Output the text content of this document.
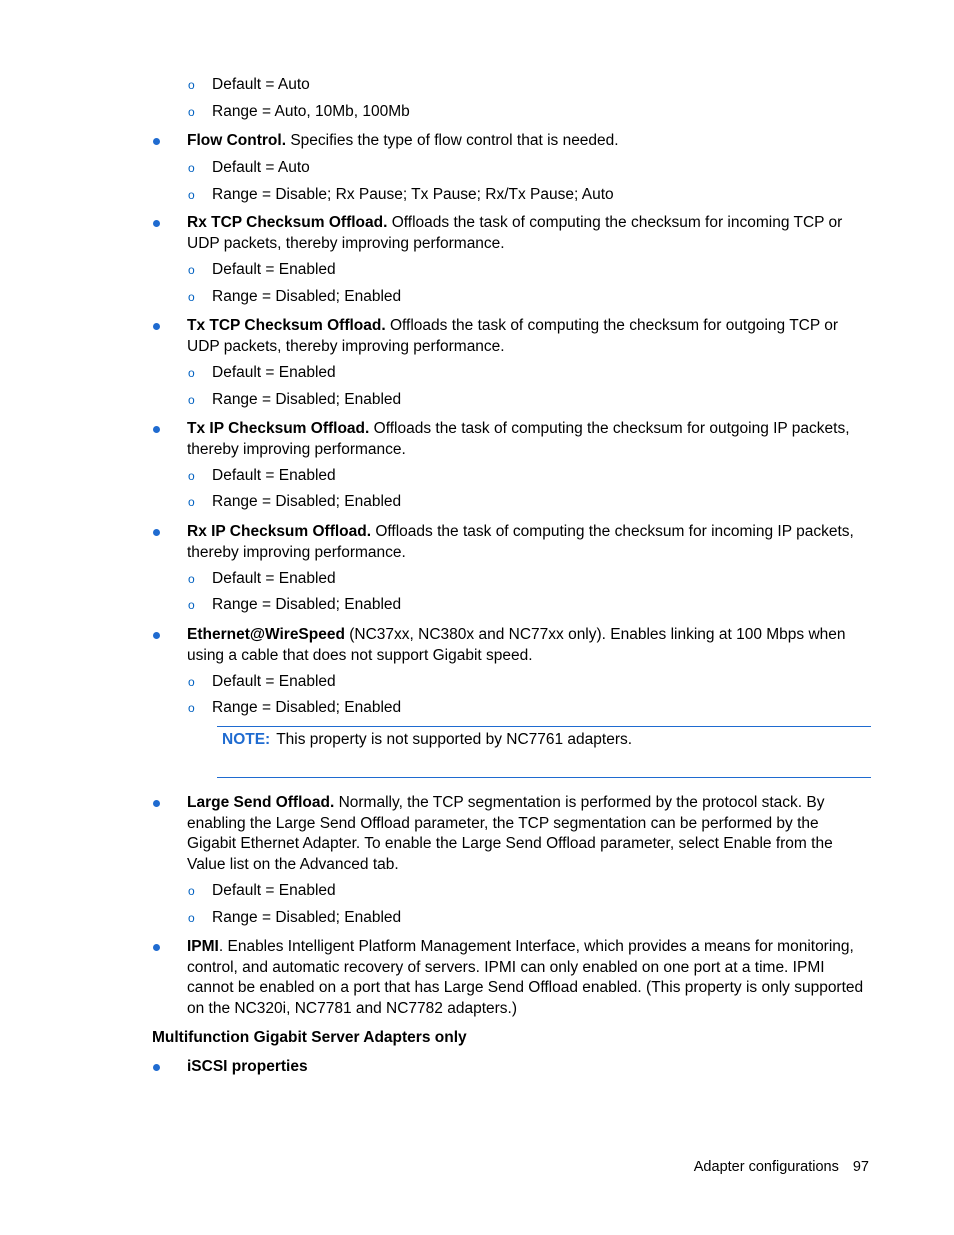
o Default = Auto
o Range = Auto, 10Mb, 100Mb
Flow Control. Specifies the type of flow control that is needed.
o Default = Auto
o Range = Disable; Rx Pause; Tx Pause; Rx/Tx Pause; Auto
Rx TCP Checksum Offload. Offloads the task of computing the checksum for incoming TCP or UDP packets, thereby improving performance.
o Default = Enabled
o Range = Disabled; Enabled
Tx TCP Checksum Offload. Offloads the task of computing the checksum for outgoing TCP or UDP packets, thereby improving performance.
o Default = Enabled
o Range = Disabled; Enabled
Tx IP Checksum Offload. Offloads the task of computing the checksum for outgoing IP packets, thereby improving performance.
o Default = Enabled
o Range = Disabled; Enabled
Rx IP Checksum Offload. Offloads the task of computing the checksum for incoming IP packets, thereby improving performance.
o Default = Enabled
o Range = Disabled; Enabled
Ethernet@WireSpeed (NC37xx, NC380x and NC77xx only). Enables linking at 100 Mbps when using a cable that does not support Gigabit speed.
o Default = Enabled
o Range = Disabled; Enabled
NOTE: This property is not supported by NC7761 adapters.
Large Send Offload. Normally, the TCP segmentation is performed by the protocol stack. By enabling the Large Send Offload parameter, the TCP segmentation can be performed by the Gigabit Ethernet Adapter. To enable the Large Send Offload parameter, select Enable from the Value list on the Advanced tab.
o Default = Enabled
o Range = Disabled; Enabled
IPMI. Enables Intelligent Platform Management Interface, which provides a means for monitoring, control, and automatic recovery of servers. IPMI can only enabled on one port at a time. IPMI cannot be enabled on a port that has Large Send Offload enabled. (This property is only supported on the NC320i, NC7781 and NC7782 adapters.)
Multifunction Gigabit Server Adapters only
iSCSI properties
Adapter configurations 97
